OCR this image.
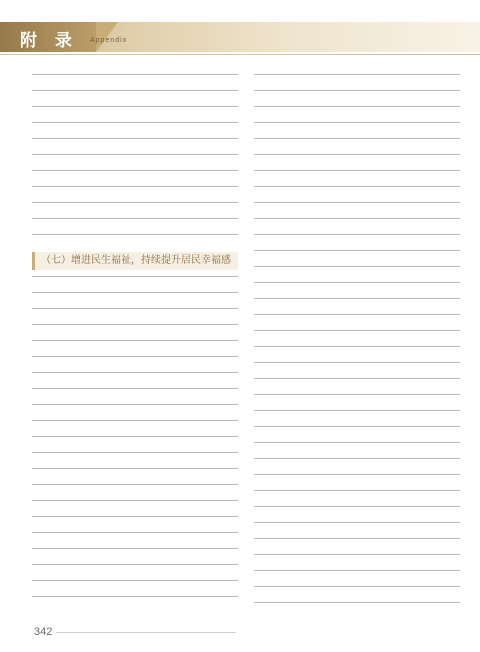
附 录 Appendix
（七）增进民生福祉，持续提升居民幸福感
342
